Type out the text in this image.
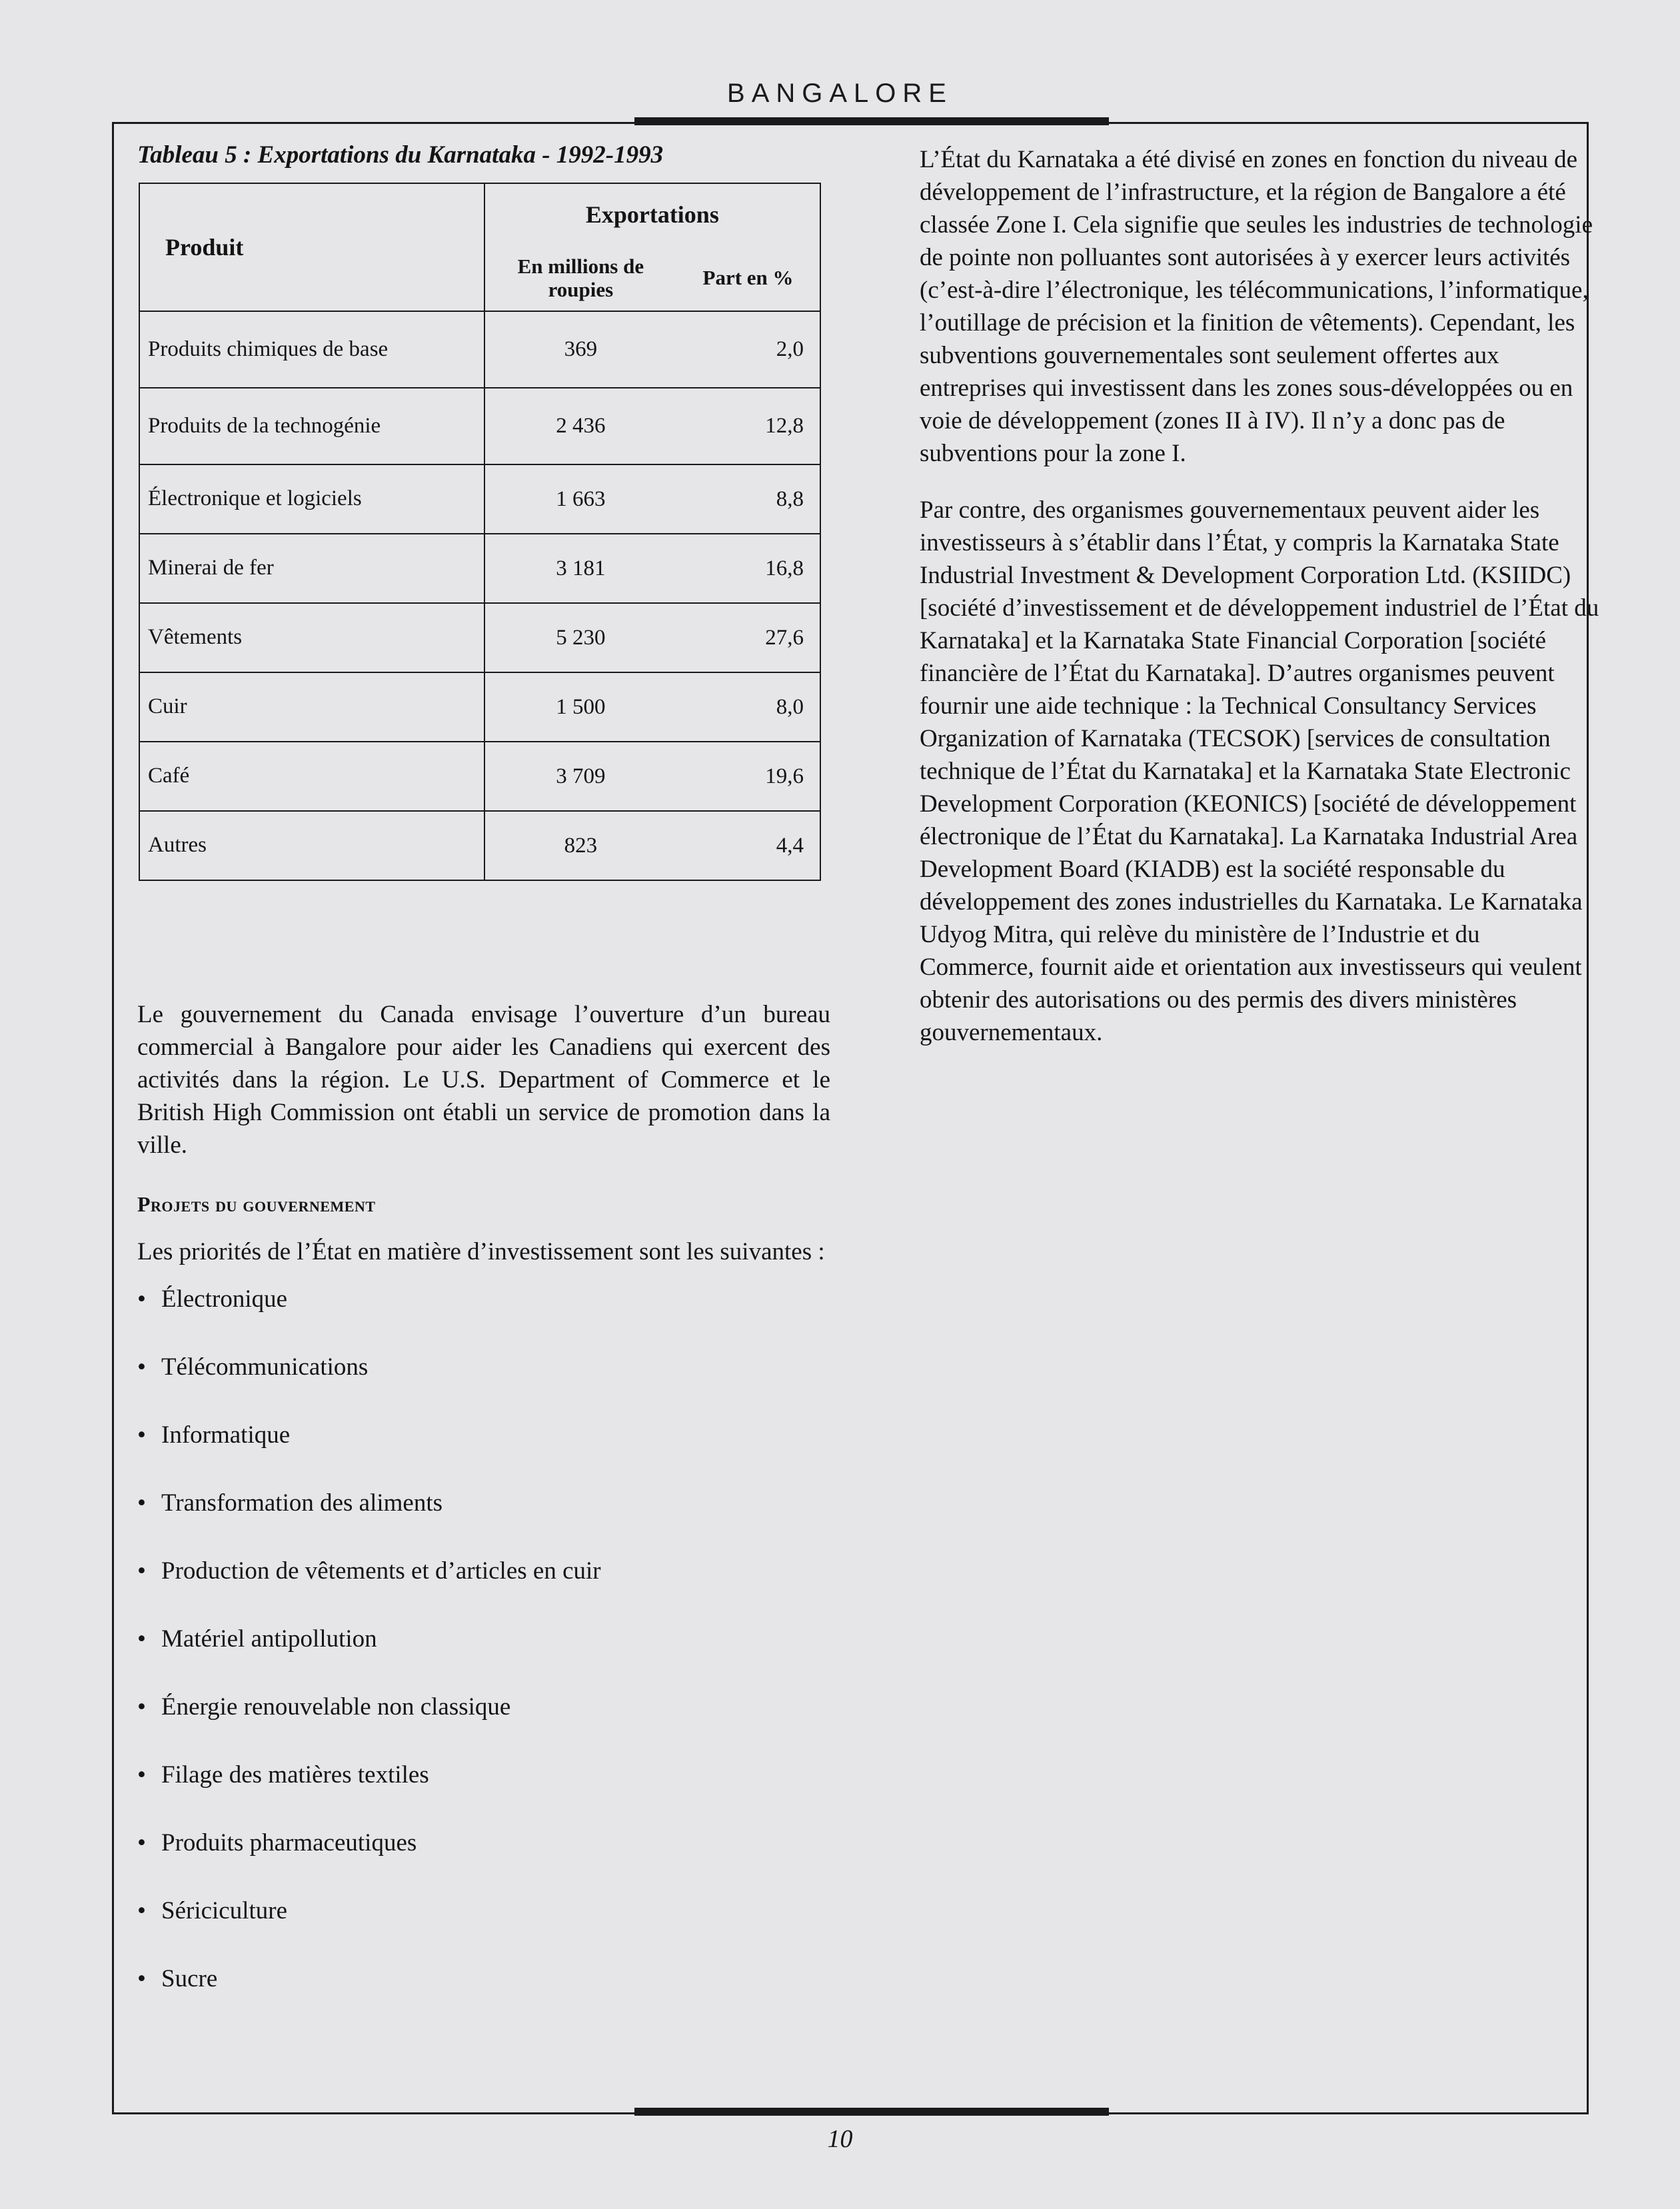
BANGALORE
Tableau 5 : Exportations du Karnataka - 1992-1993
Produit	Exportations	
	En millions de roupies	Part en %
Produits chimiques de base	369	2,0
Produits de la technogénie	2 436	12,8
Électronique et logiciels	1 663	8,8
Minerai de fer	3 181	16,8
Vêtements	5 230	27,6
Cuir	1 500	8,0
Café	3 709	19,6
Autres	823	4,4

Le gouvernement du Canada envisage l’ouverture d’un bureau commercial à Bangalore pour aider les Canadiens qui exercent des activités dans la région. Le U.S. Department of Commerce et le British High Commission ont établi un service de promotion dans la ville.

Projets du gouvernement

Les priorités de l’État en matière d’investissement sont les suivantes :

• Électronique
• Télécommunications
• Informatique
• Transformation des aliments
• Production de vêtements et d’articles en cuir
• Matériel antipollution
• Énergie renouvelable non classique
• Filage des matières textiles
• Produits pharmaceutiques
• Sériciculture
• Sucre

L’État du Karnataka a été divisé en zones en fonction du niveau de développement de l’infrastructure, et la région de Bangalore a été classée Zone I. Cela signifie que seules les industries de technologie de pointe non polluantes sont autorisées à y exercer leurs activités (c’est-à-dire l’électronique, les télécommunications, l’informatique, l’outillage de précision et la finition de vêtements). Cependant, les subventions gouvernementales sont seulement offertes aux entreprises qui investissent dans les zones sous-développées ou en voie de développement (zones II à IV). Il n’y a donc pas de subventions pour la zone I.

Par contre, des organismes gouvernementaux peuvent aider les investisseurs à s’établir dans l’État, y compris la Karnataka State Industrial Investment & Development Corporation Ltd. (KSIIDC) [société d’investissement et de développement industriel de l’État du Karnataka] et la Karnataka State Financial Corporation [société financière de l’État du Karnataka]. D’autres organismes peuvent fournir une aide technique : la Technical Consultancy Services Organization of Karnataka (TECSOK) [services de consultation technique de l’État du Karnataka] et la Karnataka State Electronic Development Corporation (KEONICS) [société de développement électronique de l’État du Karnataka]. La Karnataka Industrial Area Development Board (KIADB) est la société responsable du développement des zones industrielles du Karnataka. Le Karnataka Udyog Mitra, qui relève du ministère de l’Industrie et du Commerce, fournit aide et orientation aux investisseurs qui veulent obtenir des autorisations ou des permis des divers ministères gouvernementaux.

10
